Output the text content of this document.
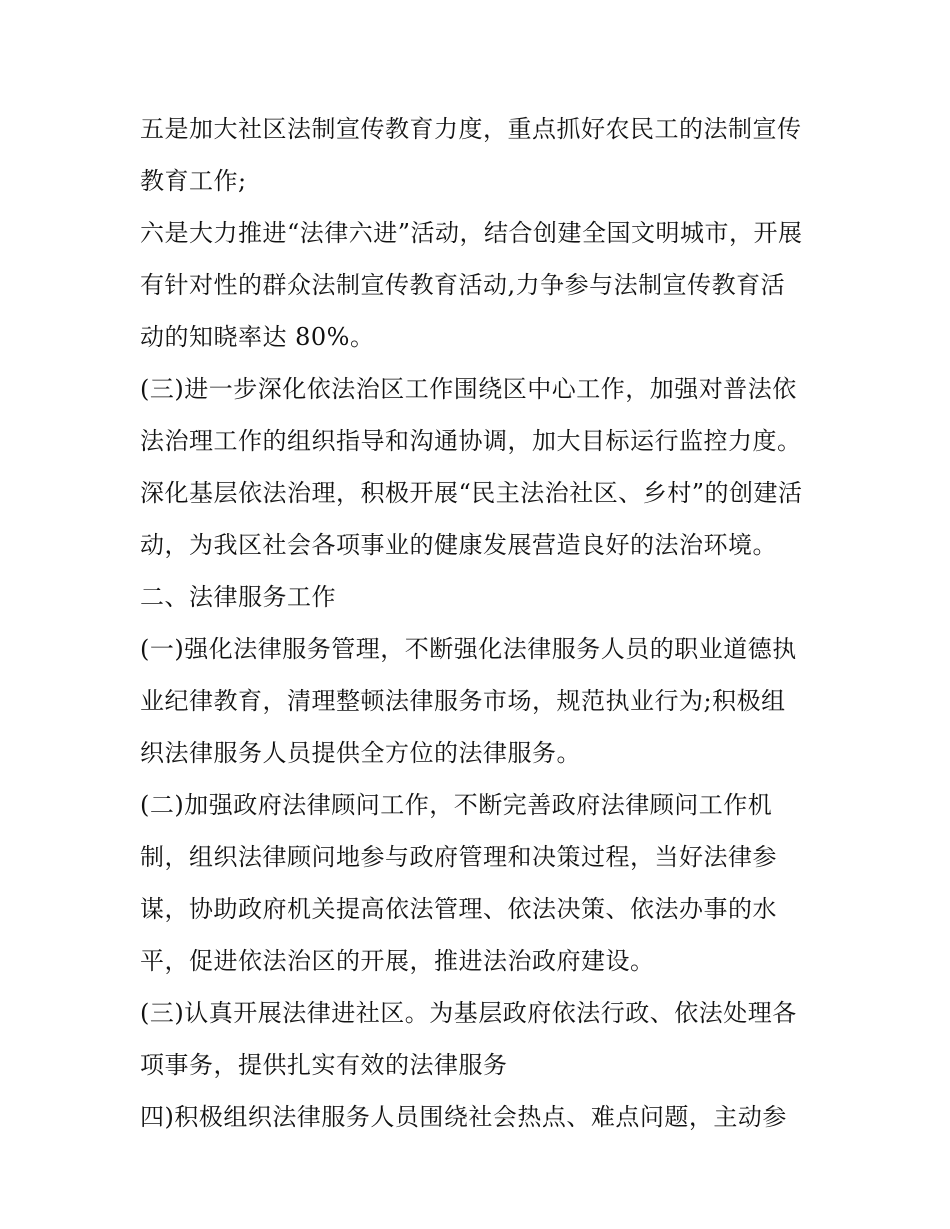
五是加大社区法制宣传教育力度，重点抓好农民工的法制宣传
教育工作;
六是大力推进“法律六进”活动，结合创建全国文明城市，开展
有针对性的群众法制宣传教育活动,力争参与法制宣传教育活
动的知晓率达 80%。
(三)进一步深化依法治区工作围绕区中心工作，加强对普法依
法治理工作的组织指导和沟通协调，加大目标运行监控力度。
深化基层依法治理，积极开展“民主法治社区、乡村”的创建活
动，为我区社会各项事业的健康发展营造良好的法治环境。
二、法律服务工作
(一)强化法律服务管理，不断强化法律服务人员的职业道德执
业纪律教育，清理整顿法律服务市场，规范执业行为;积极组
织法律服务人员提供全方位的法律服务。
(二)加强政府法律顾问工作，不断完善政府法律顾问工作机
制，组织法律顾问地参与政府管理和决策过程，当好法律参
谋，协助政府机关提高依法管理、依法决策、依法办事的水
平，促进依法治区的开展，推进法治政府建设。
(三)认真开展法律进社区。为基层政府依法行政、依法处理各
项事务，提供扎实有效的法律服务
四)积极组织法律服务人员围绕社会热点、难点问题，主动参
